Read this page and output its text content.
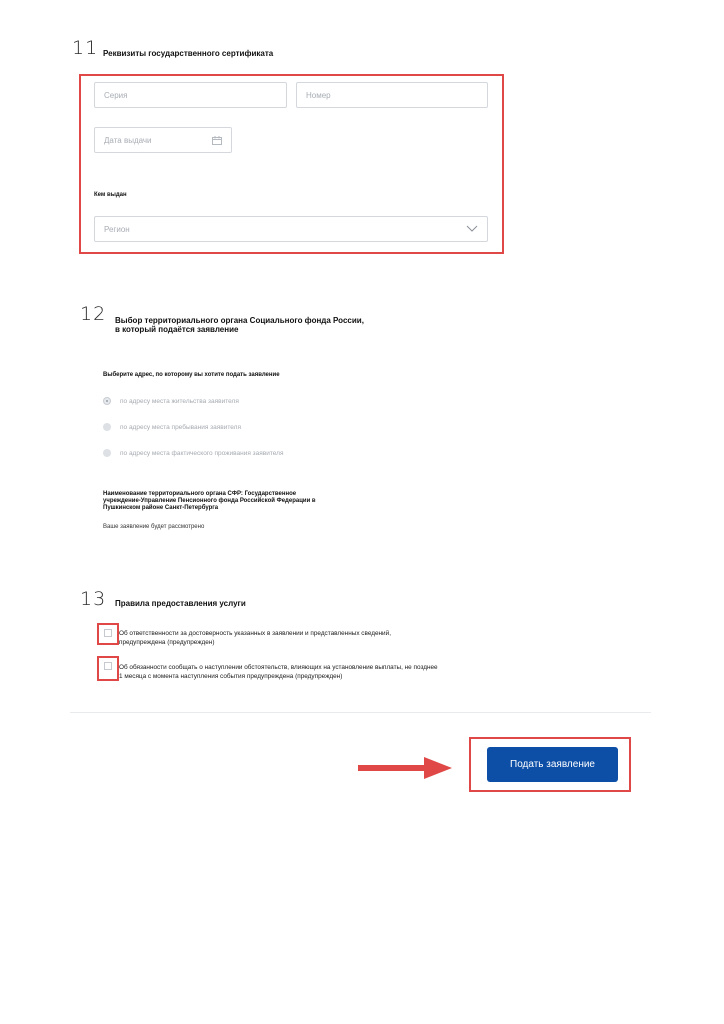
11 Реквизиты государственного сертификата
Серия	Номер
Дата выдачи
Кем выдан
Регион
12 Выбор территориального органа Социального фонда России,
в который подаётся заявление
Выберите адрес, по которому вы хотите подать заявление
по адресу места жительства заявителя
по адресу места пребывания заявителя
по адресу места фактического проживания заявителя
Наименование территориального органа СФР: Государственное
учреждение-Управление Пенсионного фонда Российской Федерации в
Пушкинском районе Санкт-Петербурга
Ваше заявление будет рассмотрено
13 Правила предоставления услуги
Об ответственности за достоверность указанных в заявлении и представленных сведений,
предупреждена (предупрежден)
Об обязанности сообщать о наступлении обстоятельств, влияющих на установление выплаты, не позднее
1 месяца с момента наступления события предупреждена (предупрежден)
Подать заявление
